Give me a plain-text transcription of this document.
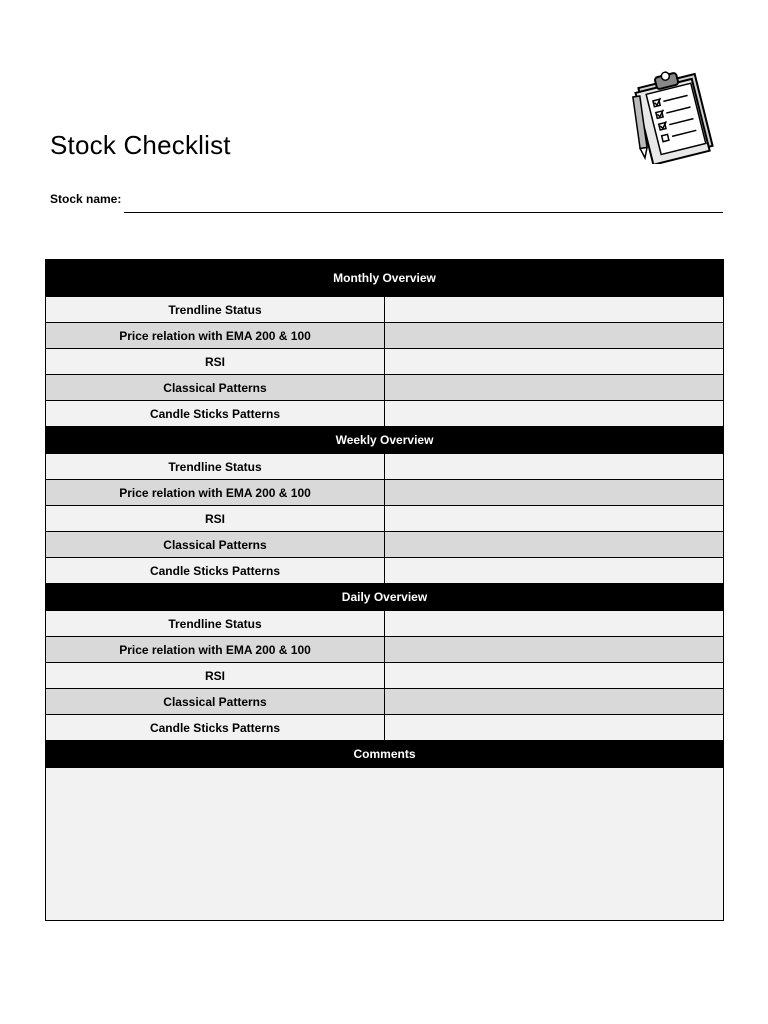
Stock Checklist
Stock name:
Monthly Overview	
Trendline Status	
Price relation with EMA 200 & 100	
RSI	
Classical Patterns	
Candle Sticks Patterns	
Weekly Overview	
Trendline Status	
Price relation with EMA 200 & 100	
RSI	
Classical Patterns	
Candle Sticks Patterns	
Daily Overview	
Trendline Status	
Price relation with EMA 200 & 100	
RSI	
Classical Patterns	
Candle Sticks Patterns	
Comments	
